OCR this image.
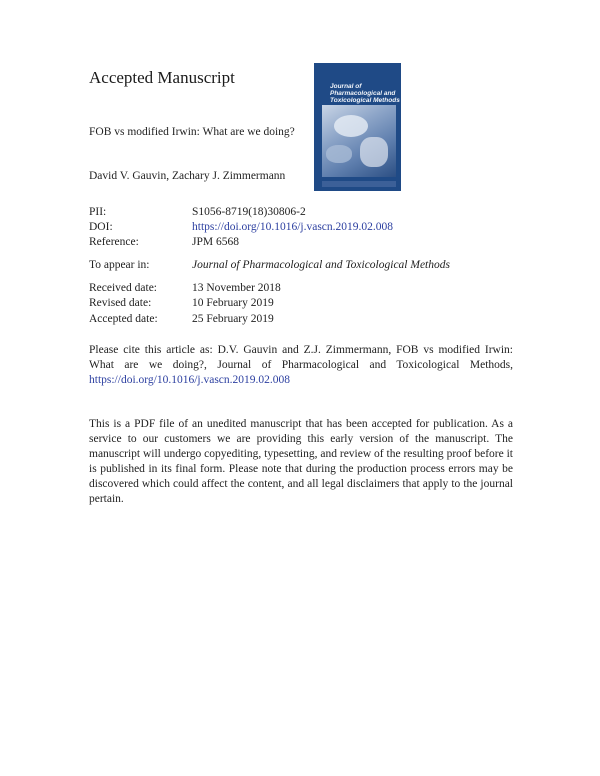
Accepted Manuscript
FOB vs modified Irwin: What are we doing?
David V. Gauvin, Zachary J. Zimmermann
Journal of Pharmacological and Toxicological Methods
PII:	S1056-8719(18)30806-2
DOI:	https://doi.org/10.1016/j.vascn.2019.02.008
Reference:	JPM 6568
To appear in:	Journal of Pharmacological and Toxicological Methods
Received date:	13 November 2018
Revised date:	10 February 2019
Accepted date:	25 February 2019
Please cite this article as: D.V. Gauvin and Z.J. Zimmermann, FOB vs modified Irwin: What are we doing?, Journal of Pharmacological and Toxicological Methods, https://doi.org/10.1016/j.vascn.2019.02.008
This is a PDF file of an unedited manuscript that has been accepted for publication. As a service to our customers we are providing this early version of the manuscript. The manuscript will undergo copyediting, typesetting, and review of the resulting proof before it is published in its final form. Please note that during the production process errors may be discovered which could affect the content, and all legal disclaimers that apply to the journal pertain.
